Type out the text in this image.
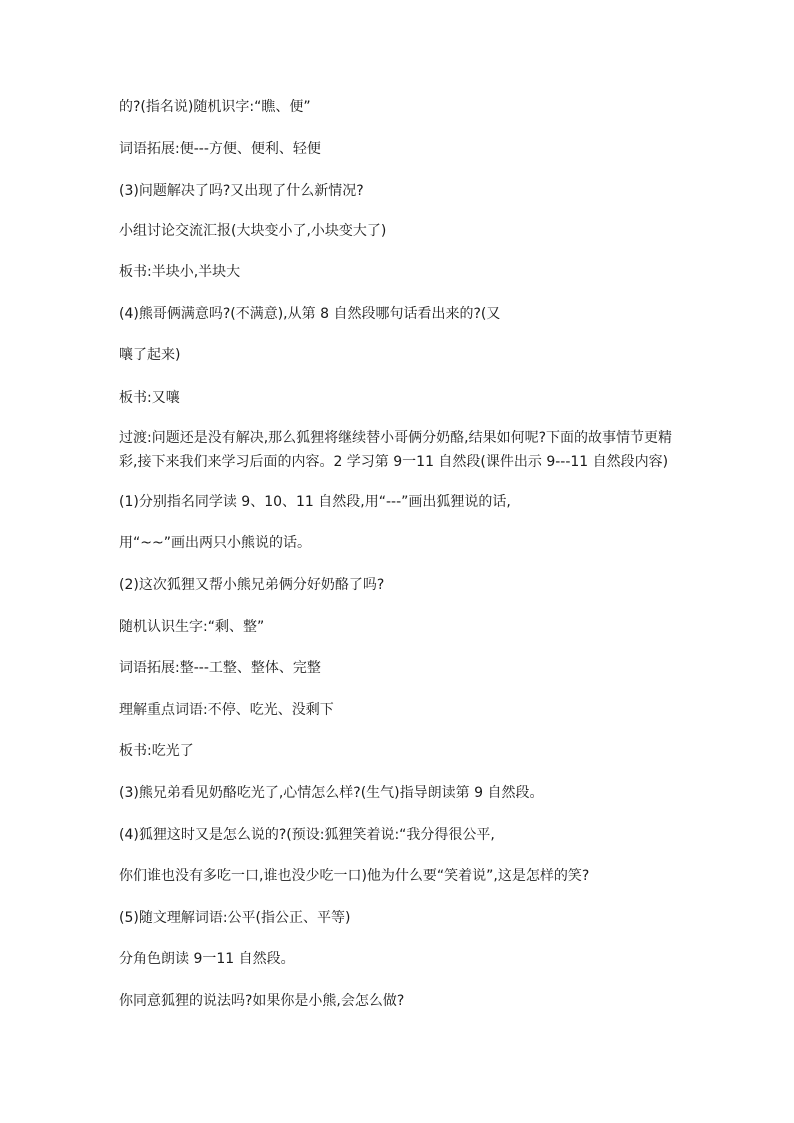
的?(指名说)随机识字:“瞧、便”
词语拓展:便---方便、便利、轻便
(3)问题解决了吗?又出现了什么新情况?
小组讨论交流汇报(大块变小了,小块变大了)
板书:半块小,半块大
(4)熊哥俩满意吗?(不满意),从第 8 自然段哪句话看出来的?(又
嚷了起来)
板书:又嚷
过渡:问题还是没有解决,那么狐狸将继续替小哥俩分奶酪,结果如何呢?下面的故事情节更精彩,接下来我们来学习后面的内容。2 学习第 9一11 自然段(课件出示 9---11 自然段内容)
(1)分别指名同学读 9、10、11 自然段,用“---”画出狐狸说的话,
用“~~”画出两只小熊说的话。
(2)这次狐狸又帮小熊兄弟俩分好奶酪了吗?
随机认识生字:“剩、整”
词语拓展:整---工整、整体、完整
理解重点词语:不停、吃光、没剩下
板书:吃光了
(3)熊兄弟看见奶酪吃光了,心情怎么样?(生气)指导朗读第 9 自然段。
(4)狐狸这时又是怎么说的?(预设:狐狸笑着说:“我分得很公平,
你们谁也没有多吃一口,谁也没少吃一口)他为什么要“笑着说”,这是怎样的笑?
(5)随文理解词语:公平(指公正、平等)
分角色朗读 9一11 自然段。
你同意狐狸的说法吗?如果你是小熊,会怎么做?
